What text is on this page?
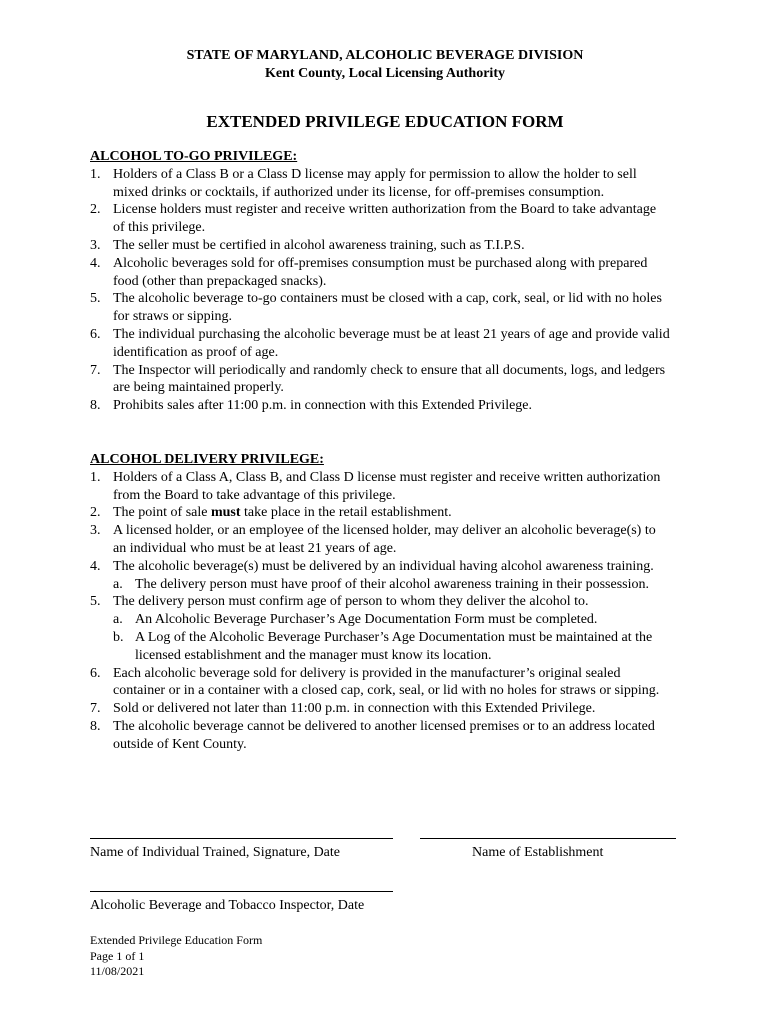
STATE OF MARYLAND, ALCOHOLIC BEVERAGE DIVISION
Kent County, Local Licensing Authority
EXTENDED PRIVILEGE EDUCATION FORM
ALCOHOL TO-GO PRIVILEGE:
1. Holders of a Class B or a Class D license may apply for permission to allow the holder to sell mixed drinks or cocktails, if authorized under its license, for off-premises consumption.
2. License holders must register and receive written authorization from the Board to take advantage of this privilege.
3. The seller must be certified in alcohol awareness training, such as T.I.P.S.
4. Alcoholic beverages sold for off-premises consumption must be purchased along with prepared food (other than prepackaged snacks).
5. The alcoholic beverage to-go containers must be closed with a cap, cork, seal, or lid with no holes for straws or sipping.
6. The individual purchasing the alcoholic beverage must be at least 21 years of age and provide valid identification as proof of age.
7. The Inspector will periodically and randomly check to ensure that all documents, logs, and ledgers are being maintained properly.
8. Prohibits sales after 11:00 p.m. in connection with this Extended Privilege.
ALCOHOL DELIVERY PRIVILEGE:
1. Holders of a Class A, Class B, and Class D license must register and receive written authorization from the Board to take advantage of this privilege.
2. The point of sale must take place in the retail establishment.
3. A licensed holder, or an employee of the licensed holder, may deliver an alcoholic beverage(s) to an individual who must be at least 21 years of age.
4. The alcoholic beverage(s) must be delivered by an individual having alcohol awareness training.
a. The delivery person must have proof of their alcohol awareness training in their possession.
5. The delivery person must confirm age of person to whom they deliver the alcohol to.
a. An Alcoholic Beverage Purchaser’s Age Documentation Form must be completed.
b. A Log of the Alcoholic Beverage Purchaser’s Age Documentation must be maintained at the licensed establishment and the manager must know its location.
6. Each alcoholic beverage sold for delivery is provided in the manufacturer’s original sealed container or in a container with a closed cap, cork, seal, or lid with no holes for straws or sipping.
7. Sold or delivered not later than 11:00 p.m. in connection with this Extended Privilege.
8. The alcoholic beverage cannot be delivered to another licensed premises or to an address located outside of Kent County.
Name of Individual Trained, Signature, Date	Name of Establishment
Alcoholic Beverage and Tobacco Inspector, Date
Extended Privilege Education Form
Page 1 of 1
11/08/2021
